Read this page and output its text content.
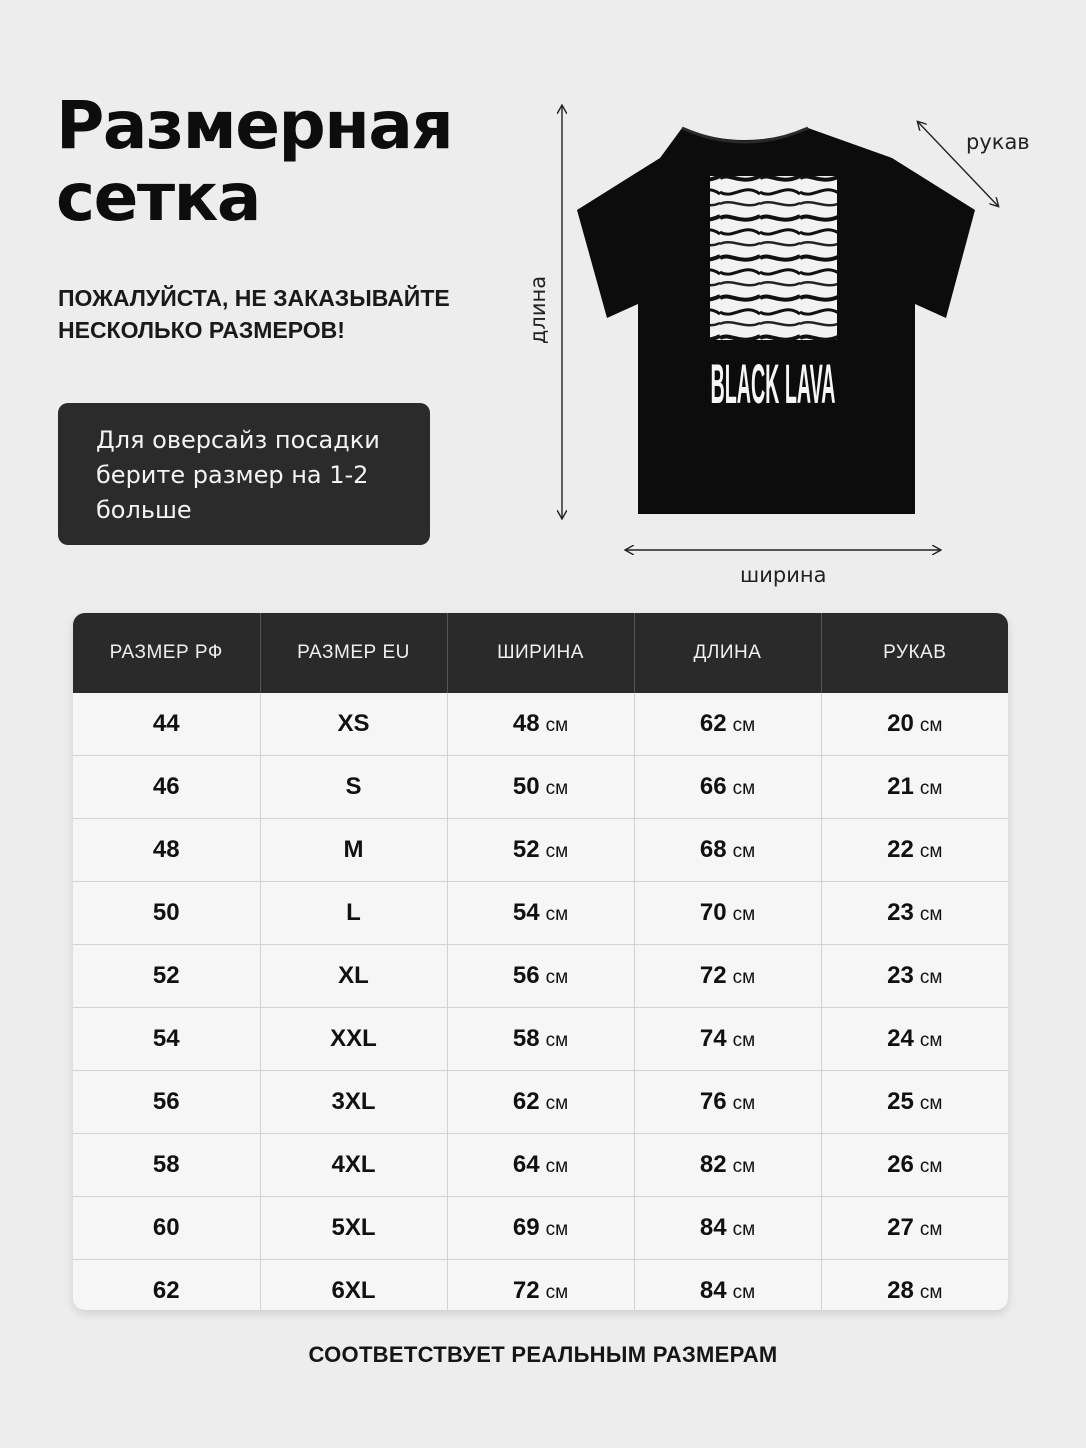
Размерная
сетка
ПОЖАЛУЙСТА, НЕ ЗАКАЗЫВАЙТЕ
НЕСКОЛЬКО РАЗМЕРОВ!
Для оверсайз посадки берите размер на 1-2 больше
BLACK LAVA
рукав
длина
ширина
РАЗМЕР РФ	РАЗМЕР EU	ШИРИНА	ДЛИНА	РУКАВ
44	XS	48 см	62 см	20 см
46	S	50 см	66 см	21 см
48	M	52 см	68 см	22 см
50	L	54 см	70 см	23 см
52	XL	56 см	72 см	23 см
54	XXL	58 см	74 см	24 см
56	3XL	62 см	76 см	25 см
58	4XL	64 см	82 см	26 см
60	5XL	69 см	84 см	27 см
62	6XL	72 см	84 см	28 см
СООТВЕТСТВУЕТ РЕАЛЬНЫМ РАЗМЕРАМ
